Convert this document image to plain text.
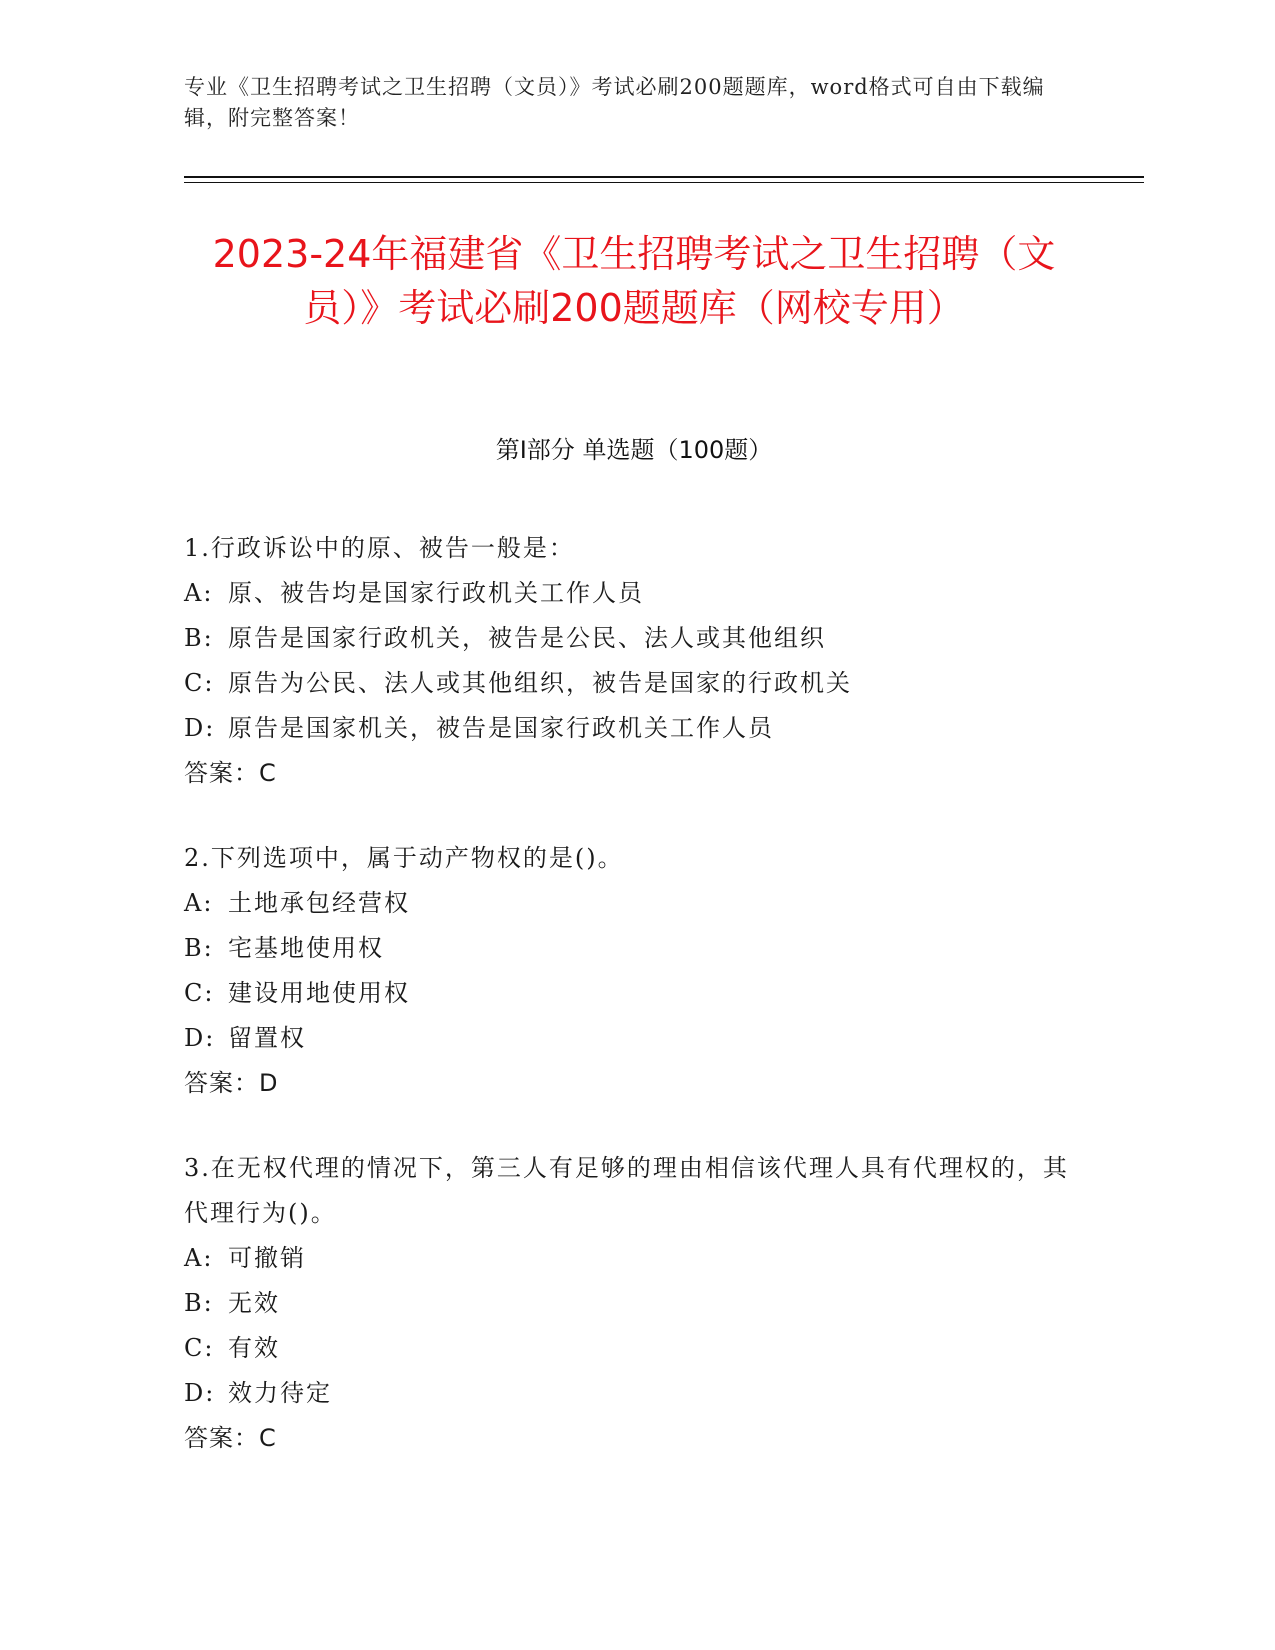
专业《卫生招聘考试之卫生招聘（文员）》考试必刷200题题库，word格式可自由下载编辑，附完整答案！
2023-24年福建省《卫生招聘考试之卫生招聘（文员）》考试必刷200题题库（网校专用）
第Ⅰ部分 单选题（100题）

1.行政诉讼中的原、被告一般是：

A: 原、被告均是国家行政机关工作人员

B: 原告是国家行政机关，被告是公民、法人或其他组织

C: 原告为公民、法人或其他组织，被告是国家的行政机关

D: 原告是国家机关，被告是国家行政机关工作人员

答案：C

2.下列选项中，属于动产物权的是()。

A: 土地承包经营权

B: 宅基地使用权

C: 建设用地使用权

D: 留置权

答案：D

3.在无权代理的情况下，第三人有足够的理由相信该代理人具有代理权的，其代理行为()。

A: 可撤销

B: 无效

C: 有效

D: 效力待定

答案：C
